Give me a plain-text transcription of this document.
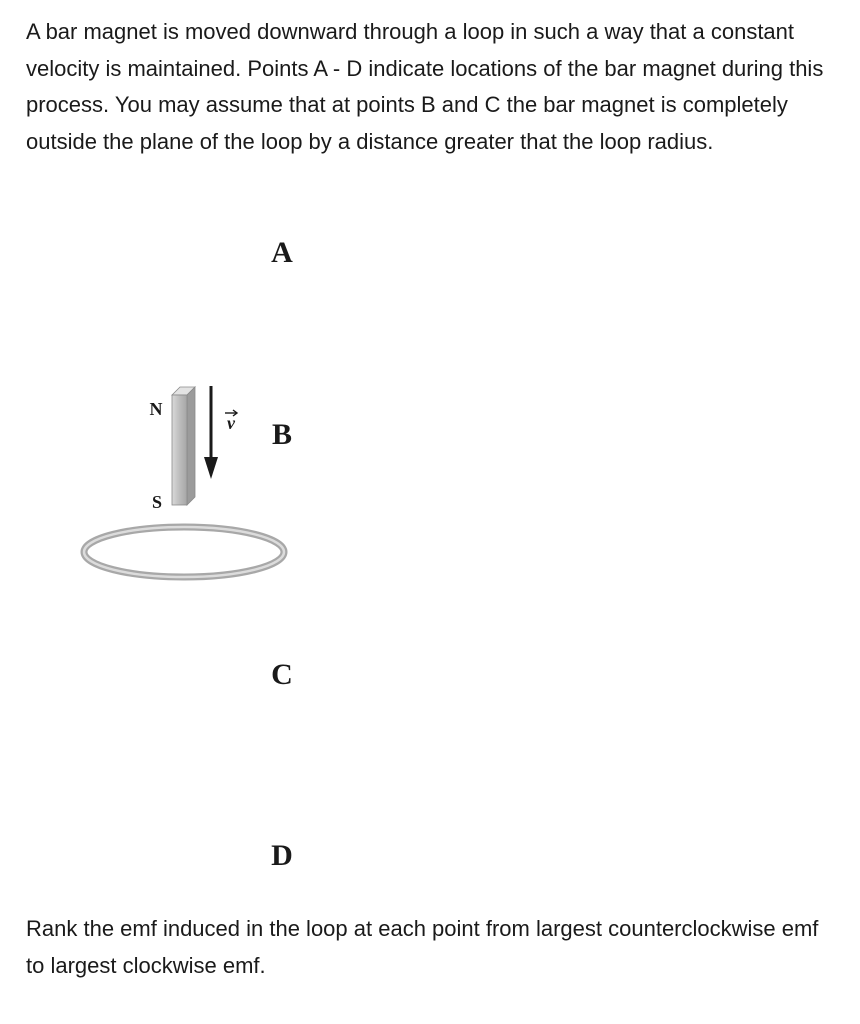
A bar magnet is moved downward through a loop in such a way that a constant velocity is maintained. Points A - D indicate locations of the bar magnet during this process. You may assume that at points B and C the bar magnet is completely outside the plane of the loop by a distance greater that the loop radius.

A
B
C
D
N
S
v

Rank the emf induced in the loop at each point from largest counterclockwise emf to largest clockwise emf.
